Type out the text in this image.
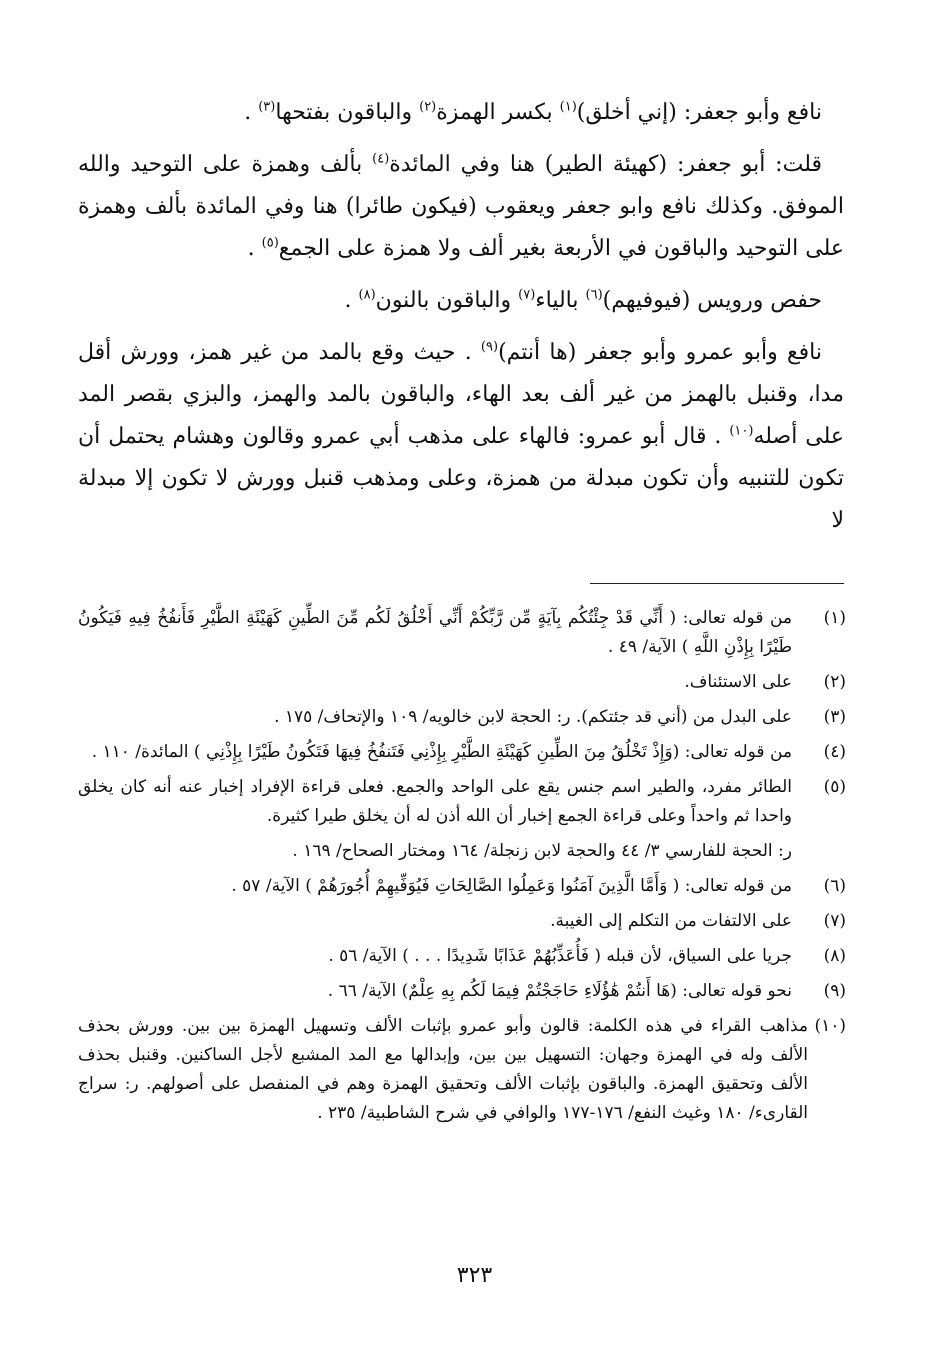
نافع وأبو جعفر: (إني أخلق)$^{(١)}$ بكسر الهمزة$^{(٢)}$ والباقون بفتحها$^{(٣)}$ .

قلت: أبو جعفر: (كهيئة الطير) هنا وفي المائدة$^{(٤)}$ بألف وهمزة على التوحيد والله الموفق. وكذلك نافع وابو جعفر ويعقوب (فيكون طائرا) هنا وفي المائدة بألف وهمزة على التوحيد والباقون في الأربعة بغير ألف ولا همزة على الجمع$^{(٥)}$ .

حفص ورويس (فيوفيهم)$^{(٦)}$ بالياء$^{(٧)}$ والباقون بالنون$^{(٨)}$ .

نافع وأبو عمرو وأبو جعفر (ها أنتم)$^{(٩)}$ . حيث وقع بالمد من غير همز، وورش أقل مدا، وقنبل بالهمز من غير ألف بعد الهاء، والباقون بالمد والهمز، والبزي بقصر المد على أصله$^{(١٠)}$ . قال أبو عمرو: فالهاء على مذهب أبي عمرو وقالون وهشام يحتمل أن تكون للتنبيه وأن تكون مبدلة من همزة، وعلى ومذهب قنبل وورش لا تكون إلا مبدلة لا

(١)
من قوله تعالى: ( أَنِّي قَدْ جِئْتُكُم بِآيَةٍ مِّن رَّبِّكُمْ أَنِّي أَخْلُقُ لَكُم مِّنَ الطِّينِ كَهَيْئَةِ الطَّيْرِ فَأَنفُخُ فِيهِ فَيَكُونُ طَيْرًا بِإِذْنِ اللَّهِ ) الآية/ ٤٩ .
(٢)
على الاستئناف.
(٣)
على البدل من (أني قد جئتكم). ر: الحجة لابن خالويه/ ١٠٩ والإتحاف/ ١٧٥ .
(٤)
من قوله تعالى: (وَإِذْ تَخْلُقُ مِنَ الطِّينِ كَهَيْئَةِ الطَّيْرِ بِإِذْنِي فَتَنفُخُ فِيهَا فَتَكُونُ طَيْرًا بِإِذْنِي ) المائدة/ ١١٠ .
(٥)
الطائر مفرد، والطير اسم جنس يقع على الواحد والجمع. فعلى قراءة الإفراد إخبار عنه أنه كان يخلق واحدا ثم واحداً وعلى قراءة الجمع إخبار أن الله أذن له أن يخلق طيرا كثيرة.
ر: الحجة للفارسي ٣/ ٤٤ والحجة لابن زنجلة/ ١٦٤ ومختار الصحاح/ ١٦٩ .
(٦)
من قوله تعالى: ( وَأَمَّا الَّذِينَ آمَنُوا وَعَمِلُوا الصَّالِحَاتِ فَيُوَفِّيهِمْ أُجُورَهُمْ ) الآية/ ٥٧ .
(٧)
على الالتفات من التكلم إلى الغيبة.
(٨)
جريا على السياق، لأن قبله ( فَأُعَذِّبُهُمْ عَذَابًا شَدِيدًا . . . ) الآية/ ٥٦ .
(٩)
نحو قوله تعالى: (هَا أَنتُمْ هَٰؤُلَاءِ حَاجَجْتُمْ فِيمَا لَكُم بِهِ عِلْمٌ) الآية/ ٦٦ .
(١٠)
مذاهب القراء في هذه الكلمة: قالون وأبو عمرو بإثبات الألف وتسهيل الهمزة بين بين. وورش بحذف الألف وله في الهمزة وجهان: التسهيل بين بين، وإبدالها مع المد المشبع لأجل الساكنين. وقنبل بحذف الألف وتحقيق الهمزة. والباقون بإثبات الألف وتحقيق الهمزة وهم في المنفصل على أصولهم. ر: سراج القارىء/ ١٨٠ وغيث النفع/ ١٧٦-١٧٧ والوافي في شرح الشاطبية/ ٢٣٥ .
٣٢٣
